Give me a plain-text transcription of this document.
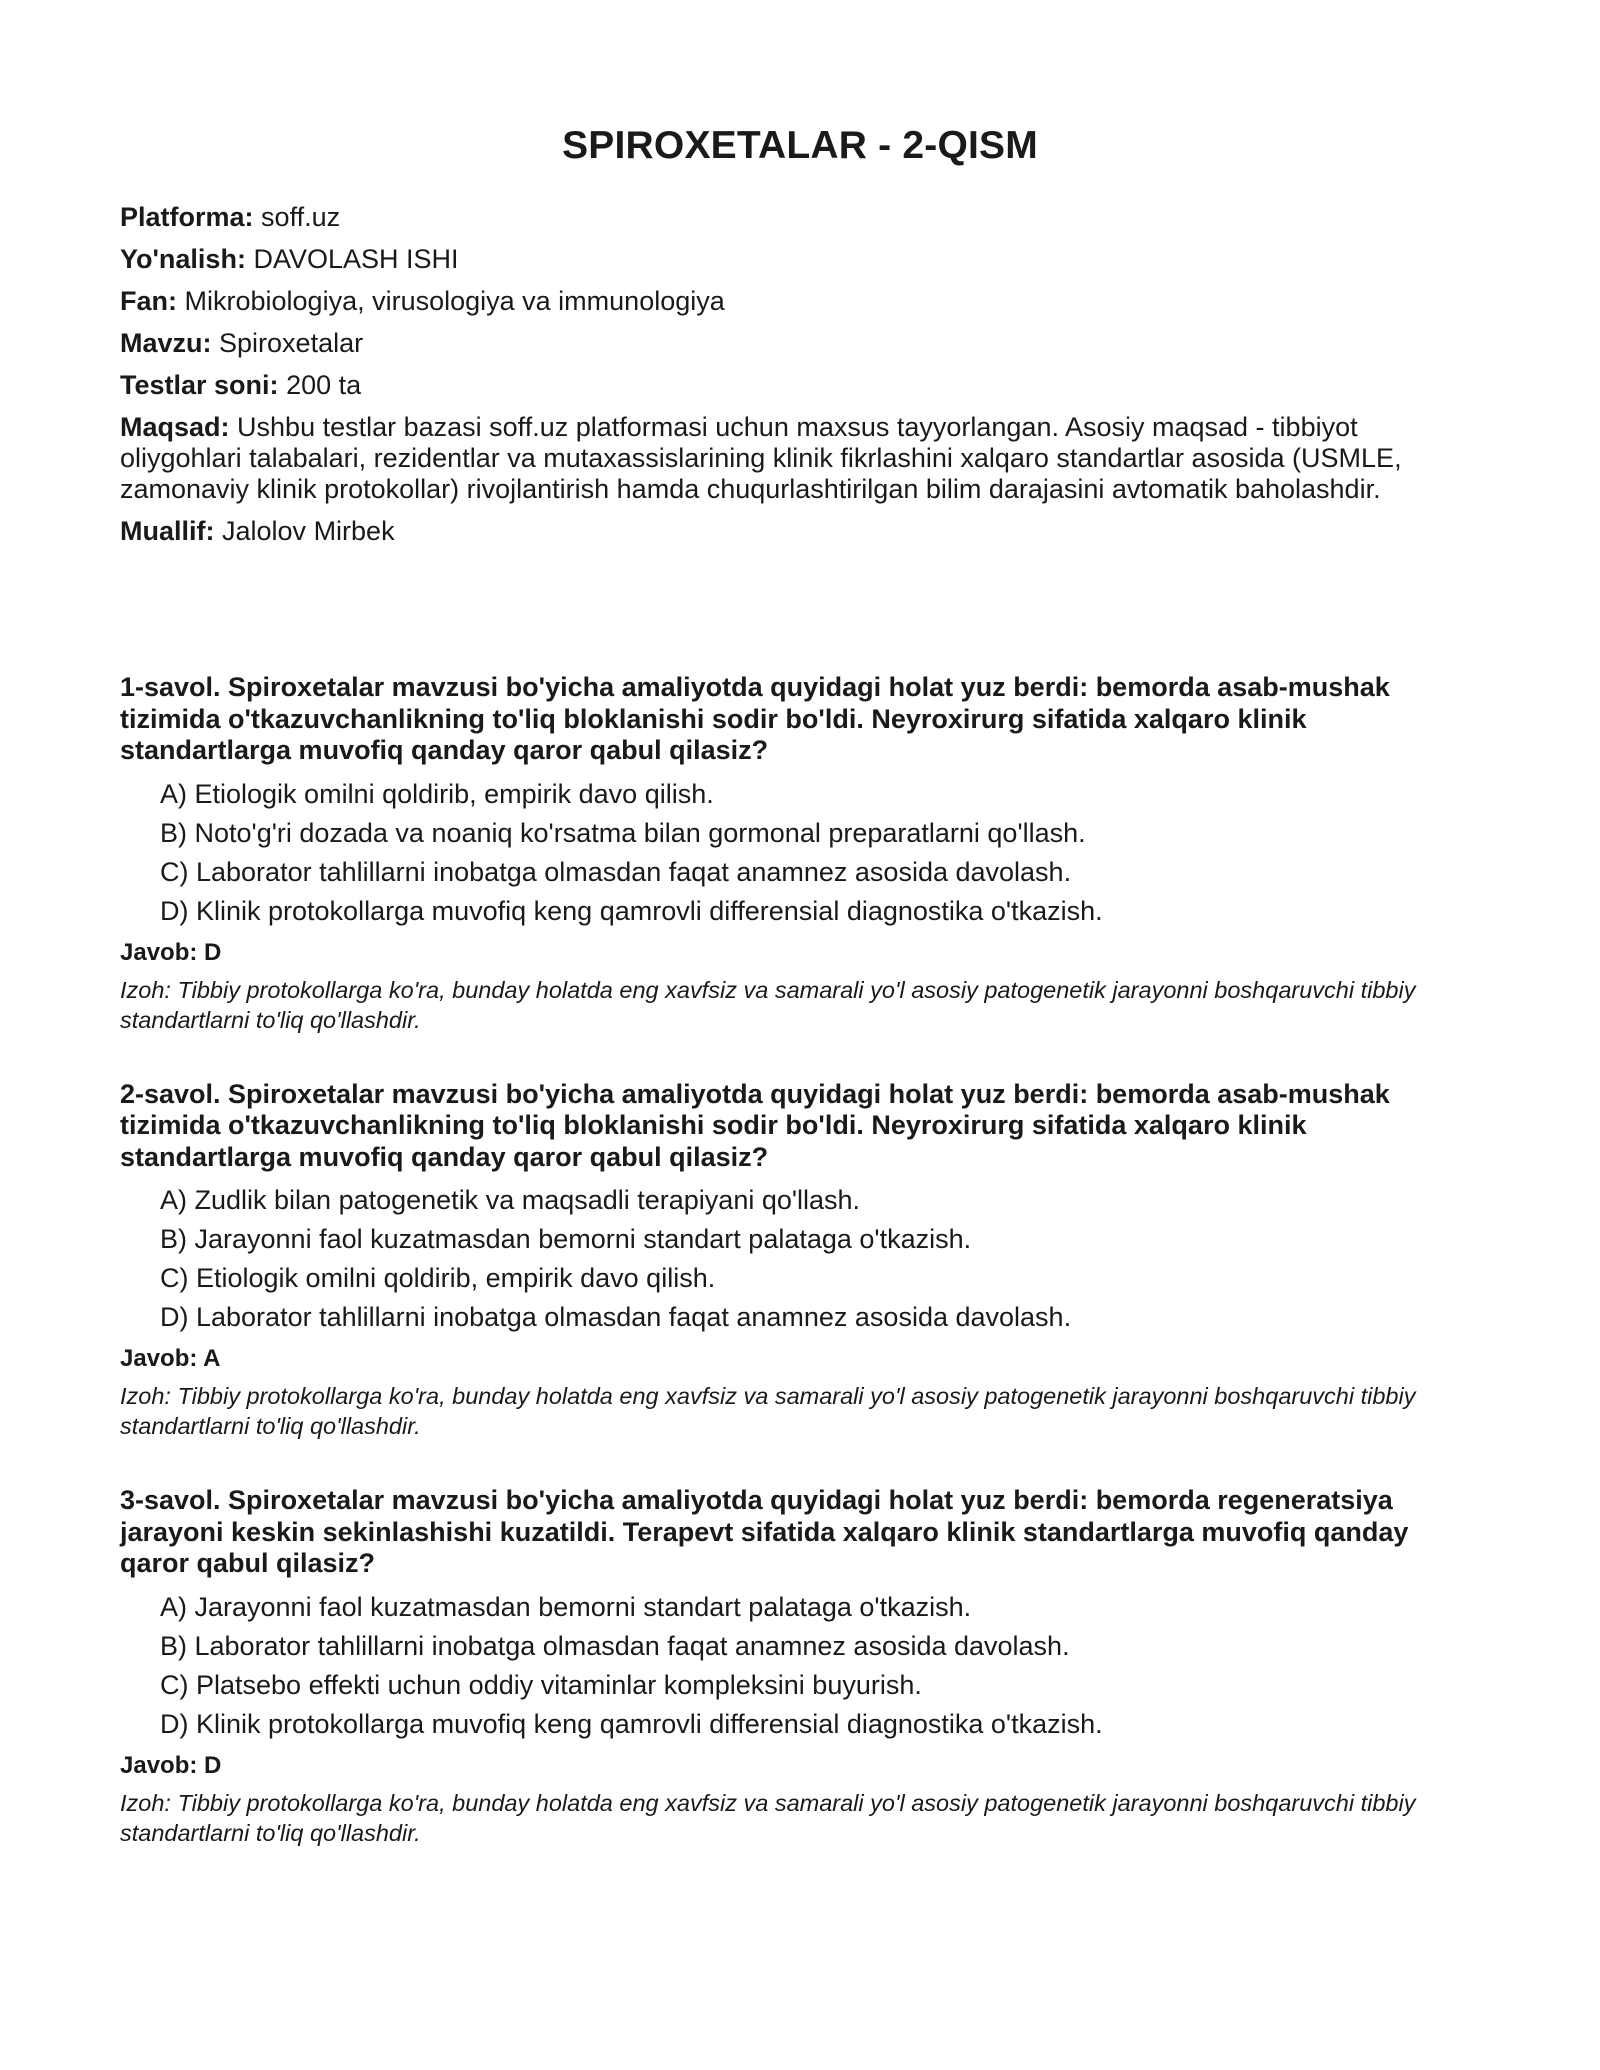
SPIROXETALAR - 2-QISM
Platforma: soff.uz
Yo'nalish: DAVOLASH ISHI
Fan: Mikrobiologiya, virusologiya va immunologiya
Mavzu: Spiroxetalar
Testlar soni: 200 ta
Maqsad: Ushbu testlar bazasi soff.uz platformasi uchun maxsus tayyorlangan. Asosiy maqsad - tibbiyot oliygohlari talabalari, rezidentlar va mutaxassislarining klinik fikrlashini xalqaro standartlar asosida (USMLE, zamonaviy klinik protokollar) rivojlantirish hamda chuqurlashtirilgan bilim darajasini avtomatik baholashdir.
Muallif: Jalolov Mirbek
1-savol. Spiroxetalar mavzusi bo'yicha amaliyotda quyidagi holat yuz berdi: bemorda asab-mushak tizimida o'tkazuvchanlikning to'liq bloklanishi sodir bo'ldi. Neyroxirurg sifatida xalqaro klinik standartlarga muvofiq qanday qaror qabul qilasiz?
A) Etiologik omilni qoldirib, empirik davo qilish.
B) Noto'g'ri dozada va noaniq ko'rsatma bilan gormonal preparatlarni qo'llash.
C) Laborator tahlillarni inobatga olmasdan faqat anamnez asosida davolash.
D) Klinik protokollarga muvofiq keng qamrovli differensial diagnostika o'tkazish.
Javob: D
Izoh: Tibbiy protokollarga ko'ra, bunday holatda eng xavfsiz va samarali yo'l asosiy patogenetik jarayonni boshqaruvchi tibbiy standartlarni to'liq qo'llashdir.
2-savol. Spiroxetalar mavzusi bo'yicha amaliyotda quyidagi holat yuz berdi: bemorda asab-mushak tizimida o'tkazuvchanlikning to'liq bloklanishi sodir bo'ldi. Neyroxirurg sifatida xalqaro klinik standartlarga muvofiq qanday qaror qabul qilasiz?
A) Zudlik bilan patogenetik va maqsadli terapiyani qo'llash.
B) Jarayonni faol kuzatmasdan bemorni standart palataga o'tkazish.
C) Etiologik omilni qoldirib, empirik davo qilish.
D) Laborator tahlillarni inobatga olmasdan faqat anamnez asosida davolash.
Javob: A
Izoh: Tibbiy protokollarga ko'ra, bunday holatda eng xavfsiz va samarali yo'l asosiy patogenetik jarayonni boshqaruvchi tibbiy standartlarni to'liq qo'llashdir.
3-savol. Spiroxetalar mavzusi bo'yicha amaliyotda quyidagi holat yuz berdi: bemorda regeneratsiya jarayoni keskin sekinlashishi kuzatildi. Terapevt sifatida xalqaro klinik standartlarga muvofiq qanday qaror qabul qilasiz?
A) Jarayonni faol kuzatmasdan bemorni standart palataga o'tkazish.
B) Laborator tahlillarni inobatga olmasdan faqat anamnez asosida davolash.
C) Platsebo effekti uchun oddiy vitaminlar kompleksini buyurish.
D) Klinik protokollarga muvofiq keng qamrovli differensial diagnostika o'tkazish.
Javob: D
Izoh: Tibbiy protokollarga ko'ra, bunday holatda eng xavfsiz va samarali yo'l asosiy patogenetik jarayonni boshqaruvchi tibbiy standartlarni to'liq qo'llashdir.
